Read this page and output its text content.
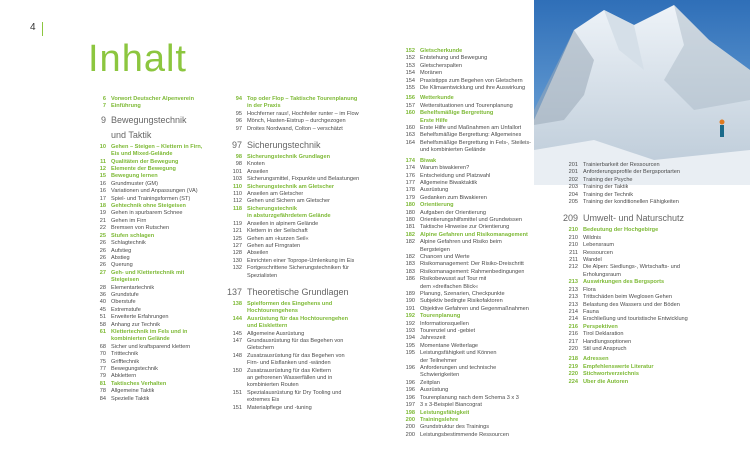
4
Inhalt
6 Vorwort Deutscher Alpenverein
7 Einführung
9 Bewegungstechnik
und Taktik
10 Gehen – Steigen – Klettern in Firn,
Eis und Mixed-Gelände
11 Qualitäten der Bewegung
12 Elemente der Bewegung
15 Bewegung lernen
16 Grundmuster (GM)
16 Variationen und Anpassungen (VA)
17 Spiel- und Trainingsformen (ST)
18 Gehtechnik ohne Steigeisen
19 Gehen in spurbarem Schnee
21 Gehen im Firn
22 Bremsen von Rutschen
25 Stufen schlagen
26 Schlagtechnik
26 Aufstieg
26 Abstieg
26 Querung
27 Geh- und Klettertechnik mit
Steigeisen
28 Elementartechnik
36 Grundstufe
40 Oberstufe
45 Extremstufe
51 Erweiterte Erfahrungen
58 Anhang zur Technik
61 Klettertechnik im Fels und in
kombinierten Gelände
68 Sicher und kraftsparend klettern
70 Tritttechnik
75 Grifftechnik
77 Bewegungstechnik
79 Abklettern
81 Taktisches Verhalten
78 Allgemeine Taktik
84 Spezielle Taktik
94 Top oder Flop – Taktische Tourenplanung
in der Praxis
95 Hochferner raus!, Hochfeiler runter – im Flow
96 Mönch, Hasten-Eistrup – durchgezogen
97 Droites Nordwand, Colton – verschätzt
97 Sicherungstechnik
98 Sicherungstechnik Grundlagen
98 Knoten
101 Anseilen
103 Sicherungsmittel, Fixpunkte und Belastungen
110 Sicherungstechnik am Gletscher
110 Anseilen am Gletscher
112 Gehen und Sichern am Gletscher
118 Sicherungstechnik
in absturzgefährdetem Gelände
119 Anseilen in alpinem Gelände
121 Klettern in der Seilschaft
125 Gehen am »kurzen Seil«
127 Gehen auf Firngraten
128 Abseilen
130 Einrichten einer Toprope-Umlenkung im Eis
132 Fortgeschrittene Sicherungstechniken für
Spezialisten
137 Theoretische Grundlagen
138 Spielformen des Eingehens und
Hochtourengehens
144 Ausrüstung für das Hochtourengehen
und Eisklettern
145 Allgemeine Ausrüstung
147 Grundausrüstung für das Begehen von
Gletschern
148 Zusatzausrüstung für das Begehen von
Firn- und Eisflanken und -wänden
150 Zusatzausrüstung für das Klettern
an gefrorenen Wasserfällen und in
kombinierten Routen
151 Spezialausrüstung für Dry Tooling und
extremes Eis
151 Materialpflege und -tuning
152 Gletscherkunde
152 Entstehung und Bewegung
153 Gletscherspalten
154 Moränen
154 Praxistipps zum Begehen von Gletschern
155 Die Klimaentwicklung und ihre Auswirkung
156 Wetterkunde
157 Wettersituationen und Tourenplanung
160 Behelfsmäßige Bergrettung
Erste Hilfe
160 Erste Hilfe und Maßnahmen am Unfallort
163 Behelfsmäßige Bergrettung: Allgemeines
164 Behelfsmäßige Bergrettung in Fels-, Steileis-
und kombinierten Gelände
174 Biwak
174 Warum biwakieren?
176 Entscheidung und Platzwahl
177 Allgemeine Biwaktaktik
178 Ausrüstung
179 Gedanken zum Biwakieren
180 Orientierung
180 Aufgaben der Orientierung
180 Orientierungshilfsmittel und Grundwissen
181 Taktische Hinweise zur Orientierung
182 Alpine Gefahren und Risikomanagement
182 Alpine Gefahren und Risiko beim
Bergsteigen
182 Chancen und Werte
183 Risikomanagement: Der Risiko-Dreischritt
183 Risikomanagement: Rahmenbedingungen
186 Risikobewusst auf Tour mit
dem »dreifachen Blick«
189 Planung, Szenarien, Checkpunkte
190 Subjektiv bedingte Risikofaktoren
191 Objektive Gefahren und Gegenmaßnahmen
192 Tourenplanung
192 Informationsquellen
193 Tourenziel und -gebiet
194 Jahreszeit
195 Momentane Wetterlage
195 Leistungsfähigkeit und Können
der Teilnehmer
196 Anforderungen und technische
Schwierigkeiten
196 Zeitplan
196 Ausrüstung
196 Tourenplanung nach dem Schema 3 x 3
197 3 x 3-Beispiel Biancograt
198 Leistungsfähigkeit
200 Trainingslehre
200 Grundstruktur des Trainings
200 Leistungsbestimmende Ressourcen
201 Trainierbarkeit der Ressourcen
201 Anforderungsprofile der Bergsportarten
202 Training der Psyche
203 Training der Taktik
204 Training der Technik
205 Training der konditionellen Fähigkeiten
209 Umwelt- und Naturschutz
210 Bedeutung der Hochgebirge
210 Wildnis
210 Lebensraum
211 Ressourcen
211 Wandel
212 Die Alpen: Siedlungs-, Wirtschafts- und
Erholungsraum
213 Auswirkungen des Bergsports
213 Flora
213 Trittschäden beim Weglosen Gehen
213 Belastung des Wassers und der Böden
214 Fauna
214 Erschließung und touristische Entwicklung
216 Perspektiven
216 Tirol Deklaration
217 Handlungsoptionen
220 Stil und Anspruch
218 Adressen
219 Empfehlenswerte Literatur
220 Stichwortverzeichnis
224 Über die Autoren
